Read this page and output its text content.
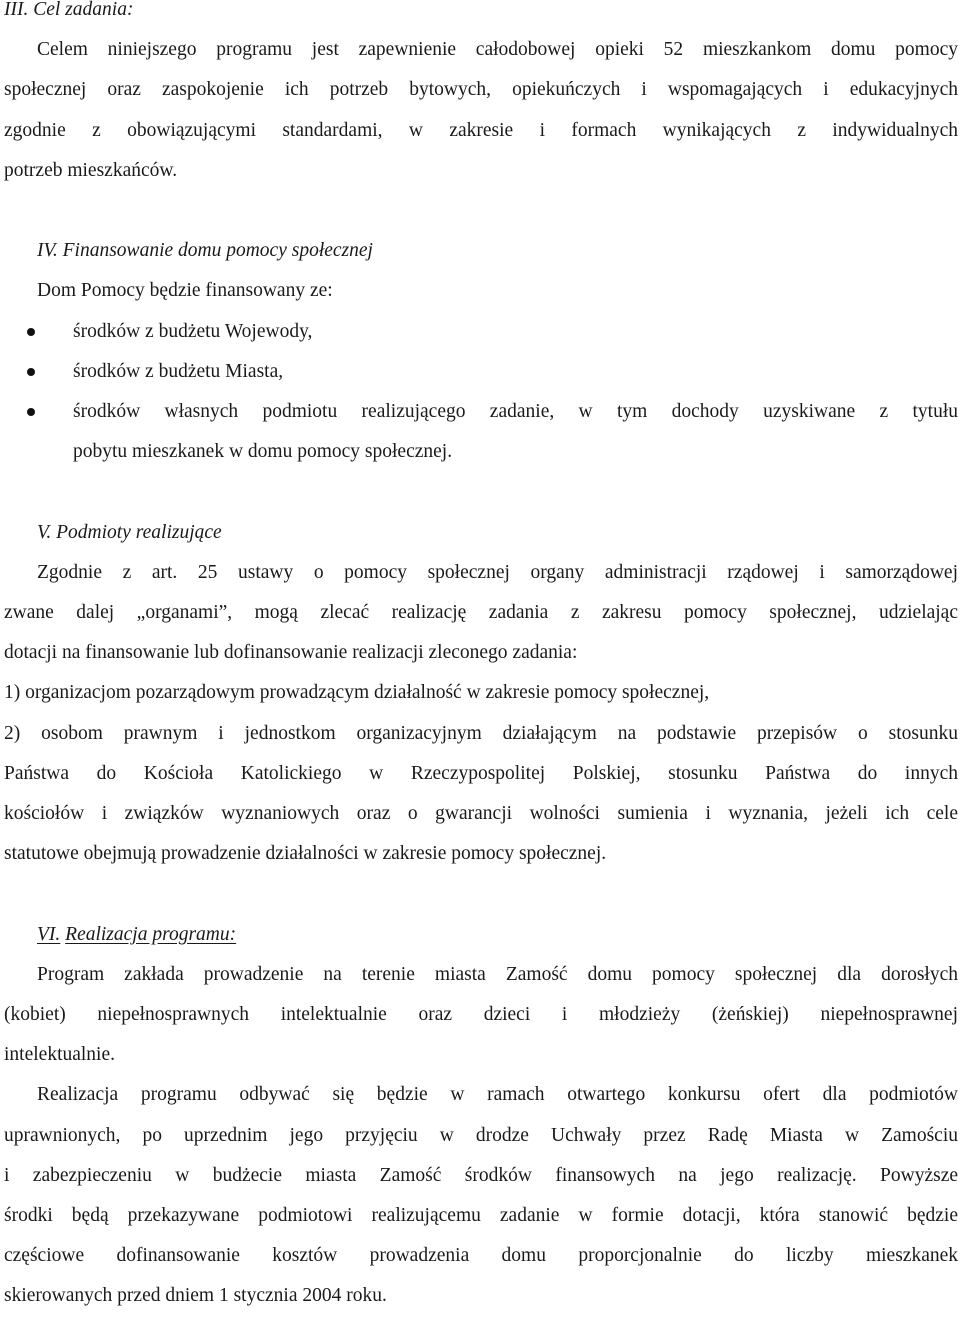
III. Cel zadania:
Celem niniejszego programu jest zapewnienie całodobowej opieki 52 mieszkankom domu pomocy
społecznej oraz zaspokojenie ich potrzeb bytowych, opiekuńczych i wspomagających i edukacyjnych
zgodnie z obowiązującymi standardami, w zakresie i formach wynikających z indywidualnych
potrzeb mieszkańców.
IV. Finansowanie domu pomocy społecznej
Dom Pomocy będzie finansowany ze:
środków z budżetu Wojewody,
środków z budżetu Miasta,
środków własnych podmiotu realizującego zadanie, w tym dochody uzyskiwane z tytułu
pobytu mieszkanek w domu pomocy społecznej.
V. Podmioty realizujące
Zgodnie z art. 25 ustawy o pomocy społecznej organy administracji rządowej i samorządowej
zwane dalej „organami”, mogą zlecać realizację zadania z zakresu pomocy społecznej, udzielając
dotacji na finansowanie lub dofinansowanie realizacji zleconego zadania:
1) organizacjom pozarządowym prowadzącym działalność w zakresie pomocy społecznej,
2) osobom prawnym i jednostkom organizacyjnym działającym na podstawie przepisów o stosunku
Państwa do Kościoła Katolickiego w Rzeczypospolitej Polskiej, stosunku Państwa do innych
kościołów i związków wyznaniowych oraz o gwarancji wolności sumienia i wyznania, jeżeli ich cele
statutowe obejmują prowadzenie działalności w zakresie pomocy społecznej.
VI. Realizacja programu:
Program zakłada prowadzenie na terenie miasta Zamość domu pomocy społecznej dla dorosłych
(kobiet) niepełnosprawnych intelektualnie oraz dzieci i młodzieży (żeńskiej) niepełnosprawnej
intelektualnie.
Realizacja programu odbywać się będzie w ramach otwartego konkursu ofert dla podmiotów
uprawnionych, po uprzednim jego przyjęciu w drodze Uchwały przez Radę Miasta w Zamościu
i zabezpieczeniu w budżecie miasta Zamość środków finansowych na jego realizację. Powyższe
środki będą przekazywane podmiotowi realizującemu zadanie w formie dotacji, która stanowić będzie
częściowe dofinansowanie kosztów prowadzenia domu proporcjonalnie do liczby mieszkanek
skierowanych przed dniem 1 stycznia 2004 roku.
